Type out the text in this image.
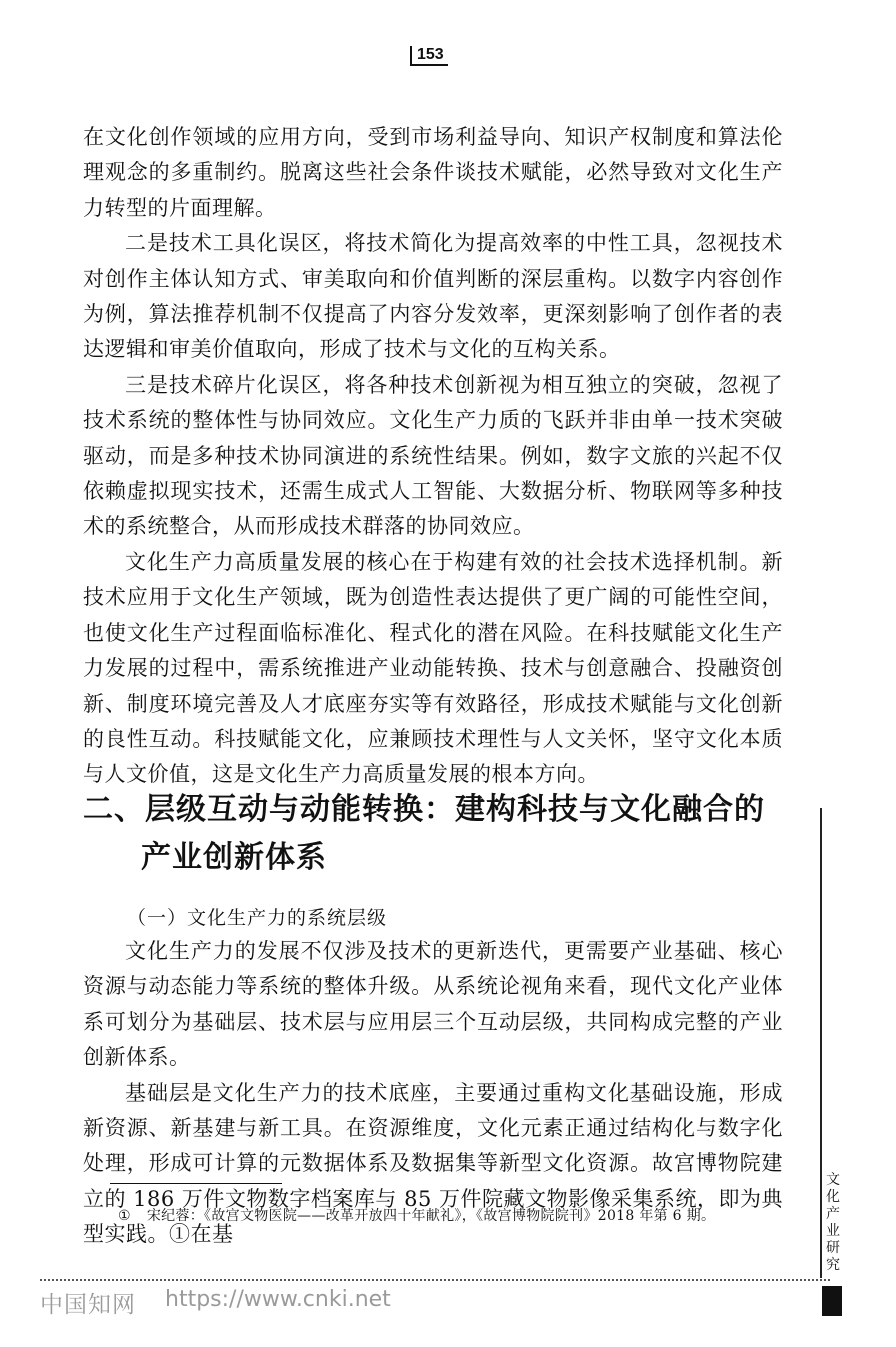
153

在文化创作领域的应用方向，受到市场利益导向、知识产权制度和算法伦理观念的多重制约。脱离这些社会条件谈技术赋能，必然导致对文化生产力转型的片面理解。

二是技术工具化误区，将技术简化为提高效率的中性工具，忽视技术对创作主体认知方式、审美取向和价值判断的深层重构。以数字内容创作为例，算法推荐机制不仅提高了内容分发效率，更深刻影响了创作者的表达逻辑和审美价值取向，形成了技术与文化的互构关系。

三是技术碎片化误区，将各种技术创新视为相互独立的突破，忽视了技术系统的整体性与协同效应。文化生产力质的飞跃并非由单一技术突破驱动，而是多种技术协同演进的系统性结果。例如，数字文旅的兴起不仅依赖虚拟现实技术，还需生成式人工智能、大数据分析、物联网等多种技术的系统整合，从而形成技术群落的协同效应。

文化生产力高质量发展的核心在于构建有效的社会技术选择机制。新技术应用于文化生产领域，既为创造性表达提供了更广阔的可能性空间，也使文化生产过程面临标准化、程式化的潜在风险。在科技赋能文化生产力发展的过程中，需系统推进产业动能转换、技术与创意融合、投融资创新、制度环境完善及人才底座夯实等有效路径，形成技术赋能与文化创新的良性互动。科技赋能文化，应兼顾技术理性与人文关怀，坚守文化本质与人文价值，这是文化生产力高质量发展的根本方向。

二、层级互动与动能转换：建构科技与文化融合的
产业创新体系
（一）文化生产力的系统层级

文化生产力的发展不仅涉及技术的更新迭代，更需要产业基础、核心资源与动态能力等系统的整体升级。从系统论视角来看，现代文化产业体系可划分为基础层、技术层与应用层三个互动层级，共同构成完整的产业创新体系。

基础层是文化生产力的技术底座，主要通过重构文化基础设施，形成新资源、新基建与新工具。在资源维度，文化元素正通过结构化与数字化处理，形成可计算的元数据体系及数据集等新型文化资源。故宫博物院建立的 186 万件文物数字档案库与 85 万件院藏文物影像采集系统，即为典型实践。①在基

① 宋纪蓉：《故宫文物医院——改革开放四十年献礼》，《故宫博物院院刊》2018 年第 6 期。
文化产业研究
中国知网 https://www.cnki.net
